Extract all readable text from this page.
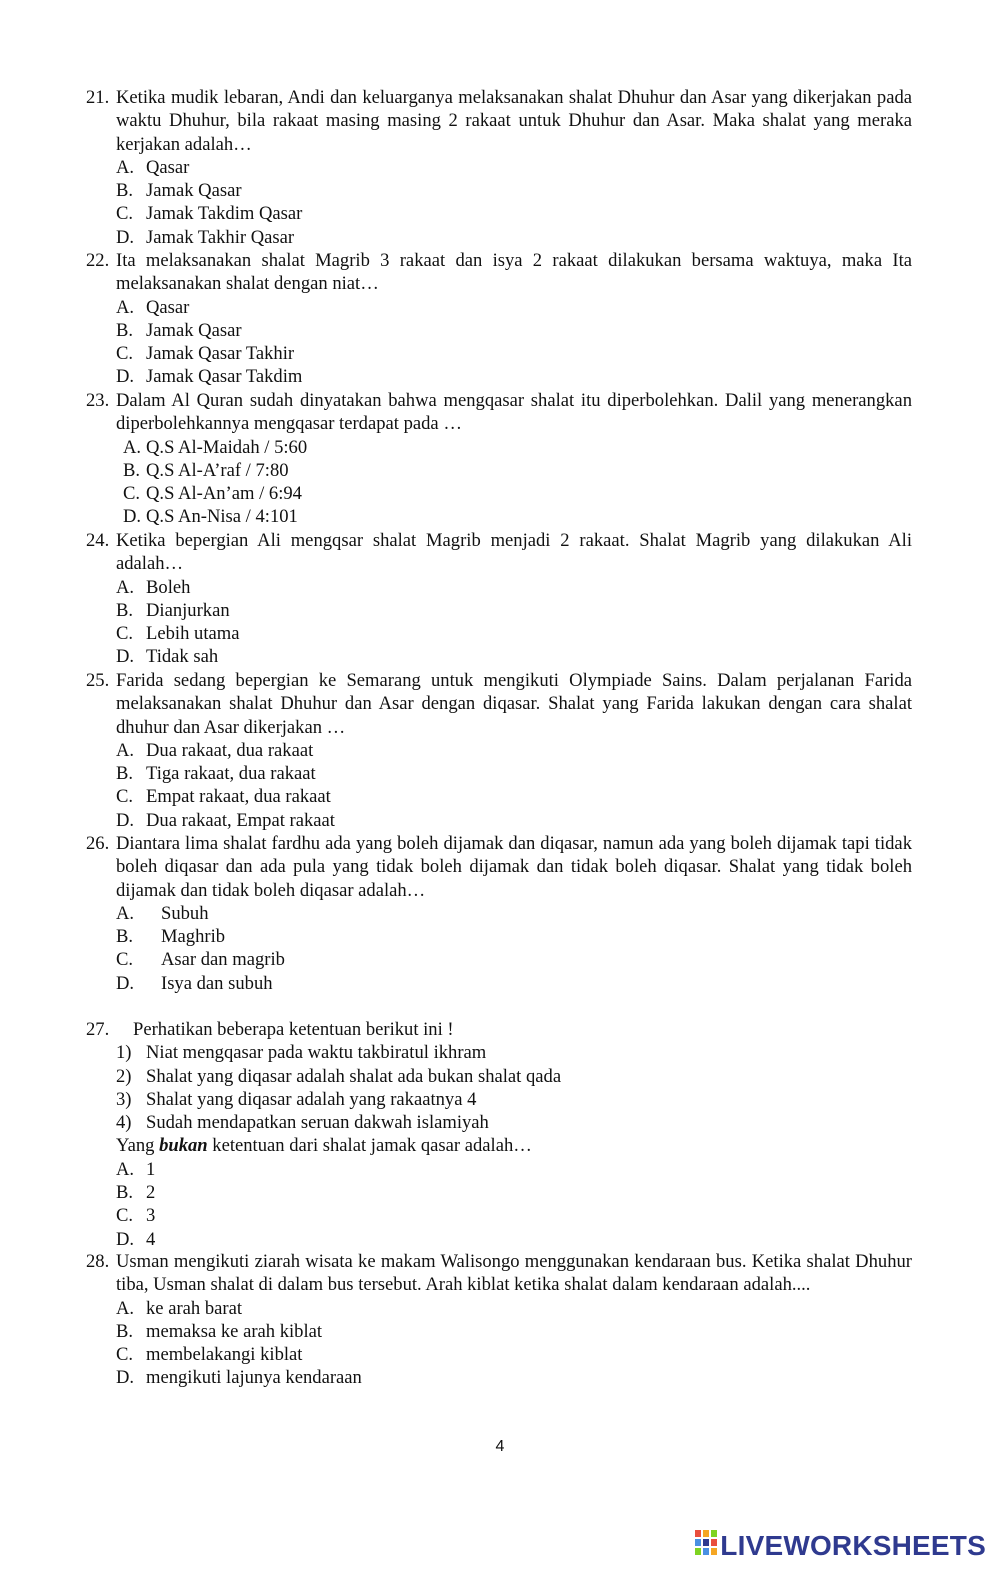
21. Ketika mudik lebaran, Andi dan keluarganya melaksanakan shalat Dhuhur dan Asar yang dikerjakan pada waktu Dhuhur, bila rakaat masing masing 2 rakaat untuk Dhuhur dan Asar. Maka shalat yang meraka kerjakan adalah…
A. Qasar
B. Jamak Qasar
C. Jamak Takdim Qasar
D. Jamak Takhir Qasar
22. Ita melaksanakan shalat Magrib 3 rakaat dan isya 2 rakaat dilakukan bersama waktuya, maka Ita melaksanakan shalat dengan niat…
A. Qasar
B. Jamak Qasar
C. Jamak Qasar Takhir
D. Jamak Qasar Takdim
23. Dalam Al Quran sudah dinyatakan bahwa mengqasar shalat itu diperbolehkan. Dalil yang menerangkan diperbolehkannya mengqasar terdapat pada …
A. Q.S Al-Maidah / 5:60
B. Q.S Al-A’raf / 7:80
C. Q.S Al-An’am / 6:94
D. Q.S An-Nisa / 4:101
24. Ketika bepergian Ali mengqsar shalat Magrib menjadi 2 rakaat. Shalat Magrib yang dilakukan Ali adalah…
A. Boleh
B. Dianjurkan
C. Lebih utama
D. Tidak sah
25. Farida sedang bepergian ke Semarang untuk mengikuti Olympiade Sains. Dalam perjalanan Farida melaksanakan shalat Dhuhur dan Asar dengan diqasar. Shalat yang Farida lakukan dengan cara shalat dhuhur dan Asar dikerjakan …
A. Dua rakaat, dua rakaat
B. Tiga rakaat, dua rakaat
C. Empat rakaat, dua rakaat
D. Dua rakaat, Empat rakaat
26. Diantara lima shalat fardhu ada yang boleh dijamak dan diqasar, namun ada yang boleh dijamak tapi tidak boleh diqasar dan ada pula yang tidak boleh dijamak dan tidak boleh diqasar. Shalat yang tidak boleh dijamak dan tidak boleh diqasar adalah…
A. Subuh
B. Maghrib
C. Asar dan magrib
D. Isya dan subuh
27. Perhatikan beberapa ketentuan berikut ini !
1) Niat mengqasar pada waktu takbiratul ikhram
2) Shalat yang diqasar adalah shalat ada bukan shalat qada
3) Shalat yang diqasar adalah yang rakaatnya 4
4) Sudah mendapatkan seruan dakwah islamiyah
Yang bukan ketentuan dari shalat jamak qasar adalah…
A. 1
B. 2
C. 3
D. 4
28. Usman mengikuti ziarah wisata ke makam Walisongo menggunakan kendaraan bus. Ketika shalat Dhuhur tiba, Usman shalat di dalam bus tersebut. Arah kiblat ketika shalat dalam kendaraan adalah....
A. ke arah barat
B. memaksa ke arah kiblat
C. membelakangi kiblat
D. mengikuti lajunya kendaraan
4
LIVEWORKSHEETS
